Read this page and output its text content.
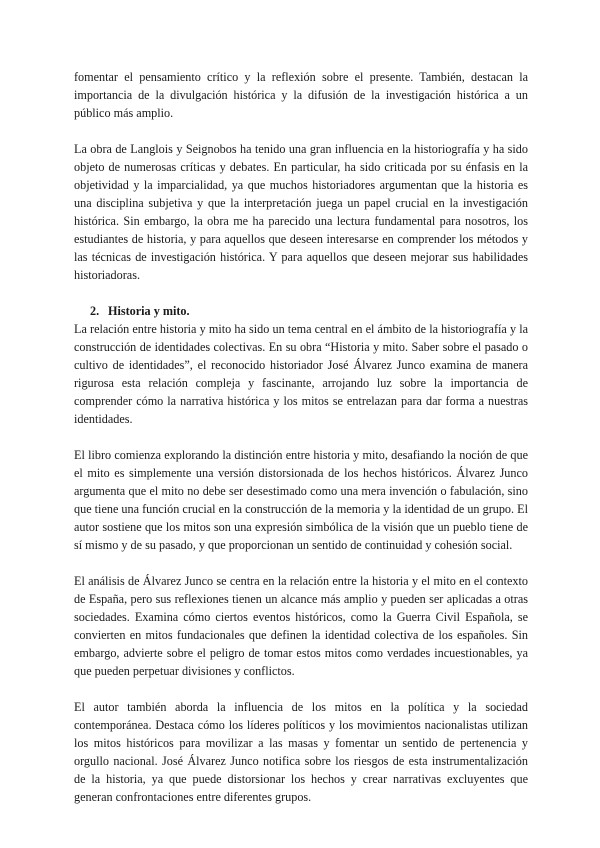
fomentar el pensamiento crítico y la reflexión sobre el presente. También, destacan la importancia de la divulgación histórica y la difusión de la investigación histórica a un público más amplio.

La obra de Langlois y Seignobos ha tenido una gran influencia en la historiografía y ha sido objeto de numerosas críticas y debates. En particular, ha sido criticada por su énfasis en la objetividad y la imparcialidad, ya que muchos historiadores argumentan que la historia es una disciplina subjetiva y que la interpretación juega un papel crucial en la investigación histórica. Sin embargo, la obra me ha parecido una lectura fundamental para nosotros, los estudiantes de historia, y para aquellos que deseen interesarse en comprender los métodos y las técnicas de investigación histórica. Y para aquellos que deseen mejorar sus habilidades historiadoras.

2. Historia y mito.

La relación entre historia y mito ha sido un tema central en el ámbito de la historiografía y la construcción de identidades colectivas. En su obra “Historia y mito. Saber sobre el pasado o cultivo de identidades”, el reconocido historiador José Álvarez Junco examina de manera rigurosa esta relación compleja y fascinante, arrojando luz sobre la importancia de comprender cómo la narrativa histórica y los mitos se entrelazan para dar forma a nuestras identidades.

El libro comienza explorando la distinción entre historia y mito, desafiando la noción de que el mito es simplemente una versión distorsionada de los hechos históricos. Álvarez Junco argumenta que el mito no debe ser desestimado como una mera invención o fabulación, sino que tiene una función crucial en la construcción de la memoria y la identidad de un grupo. El autor sostiene que los mitos son una expresión simbólica de la visión que un pueblo tiene de sí mismo y de su pasado, y que proporcionan un sentido de continuidad y cohesión social.

El análisis de Álvarez Junco se centra en la relación entre la historia y el mito en el contexto de España, pero sus reflexiones tienen un alcance más amplio y pueden ser aplicadas a otras sociedades. Examina cómo ciertos eventos históricos, como la Guerra Civil Española, se convierten en mitos fundacionales que definen la identidad colectiva de los españoles. Sin embargo, advierte sobre el peligro de tomar estos mitos como verdades incuestionables, ya que pueden perpetuar divisiones y conflictos.

El autor también aborda la influencia de los mitos en la política y la sociedad contemporánea. Destaca cómo los líderes políticos y los movimientos nacionalistas utilizan los mitos históricos para movilizar a las masas y fomentar un sentido de pertenencia y orgullo nacional. José Álvarez Junco notifica sobre los riesgos de esta instrumentalización de la historia, ya que puede distorsionar los hechos y crear narrativas excluyentes que generan confrontaciones entre diferentes grupos.
